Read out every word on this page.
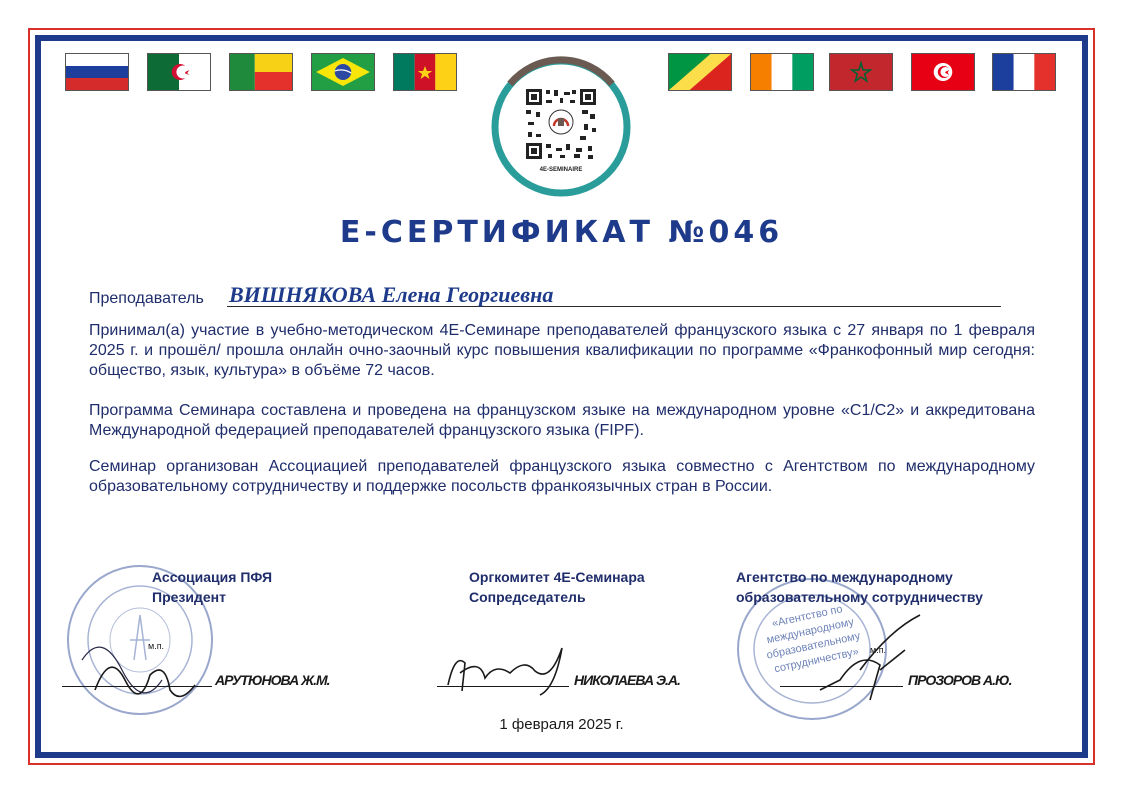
4E-SEMINAIRE
Е-СЕРТИФИКАТ №046
Преподаватель ВИШНЯКОВА Елена Георгиевна
Принимал(а) участие в учебно-методическом 4Е-Семинаре преподавателей французского языка с 27 января по 1 февраля 2025 г. и прошёл/ прошла онлайн очно-заочный курс повышения квалификации по программе «Франкофонный мир сегодня: общество, язык, культура» в объёме 72 часов.
Программа Семинара составлена и проведена на французском языке на международном уровне «С1/С2» и аккредитована Международной федерацией преподавателей французского языка (FIPF).
Семинар организован Ассоциацией преподавателей французского языка совместно с Агентством по международному образовательному сотрудничеству и поддержке посольств франкоязычных стран в России.
«Агентство по международному образовательному сотрудничеству»
Ассоциация ПФЯ
Президент
м.п.
АРУТЮНОВА Ж.М.
Оргкомитет 4Е-Семинара
Сопредседатель
НИКОЛАЕВА Э.А.
Агентство по международному
образовательному сотрудничеству
м.п.
ПРОЗОРОВ А.Ю.
1 февраля 2025 г.
